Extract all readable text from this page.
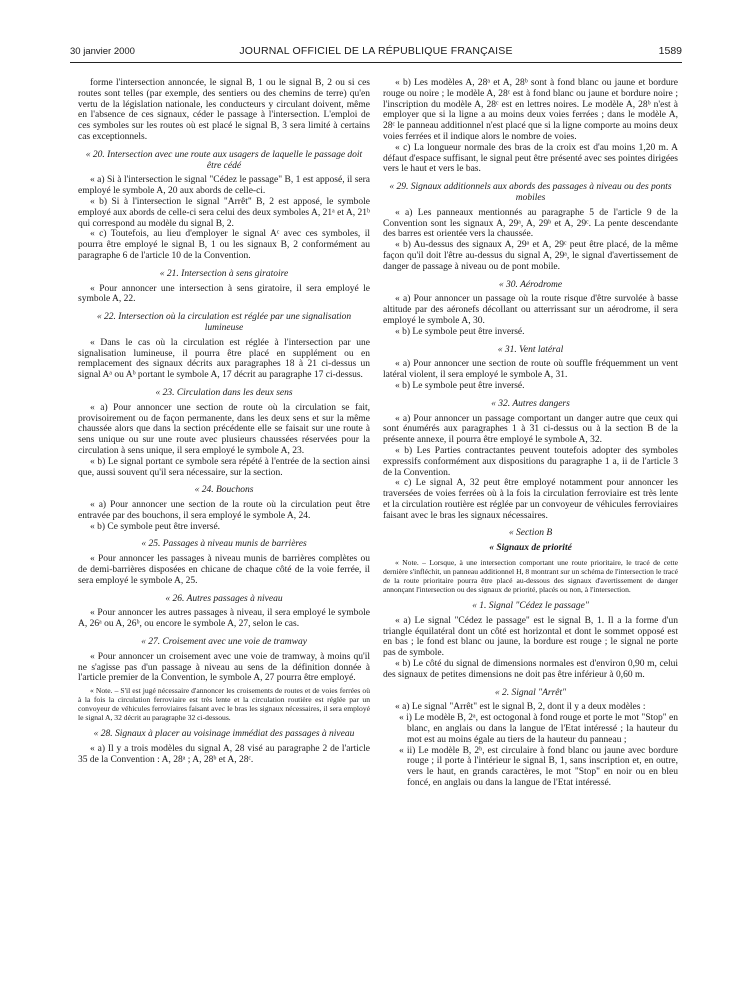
30 janvier 2000	JOURNAL OFFICIEL DE LA RÉPUBLIQUE FRANÇAISE	1589

forme l'intersection annoncée, le signal B, 1 ou le signal B, 2 ou si ces routes sont telles (par exemple, des sentiers ou des chemins de terre) qu'en vertu de la législation nationale, les conducteurs y circulant doivent, même en l'absence de ces signaux, céder le passage à l'intersection. L'emploi de ces symboles sur les routes où est placé le signal B, 3 sera limité à certains cas exceptionnels.

« 20. Intersection avec une route aux usagers de laquelle le passage doit être cédé

« a) Si à l'intersection le signal "Cédez le passage" B, 1 est apposé, il sera employé le symbole A, 20 aux abords de celle-ci.

« b) Si à l'intersection le signal "Arrêt" B, 2 est apposé, le symbole employé aux abords de celle-ci sera celui des deux symboles A, 21ᵃ et A, 21ᵇ qui correspond au modèle du signal B, 2.

« c) Toutefois, au lieu d'employer le signal Aᶜ avec ces symboles, il pourra être employé le signal B, 1 ou les signaux B, 2 conformément au paragraphe 6 de l'article 10 de la Convention.

« 21. Intersection à sens giratoire

« Pour annoncer une intersection à sens giratoire, il sera employé le symbole A, 22.

« 22. Intersection où la circulation est réglée par une signalisation lumineuse

« Dans le cas où la circulation est réglée à l'intersection par une signalisation lumineuse, il pourra être placé en supplément ou en remplacement des signaux décrits aux paragraphes 18 à 21 ci-dessus un signal Aᵃ ou Aᵇ portant le symbole A, 17 décrit au paragraphe 17 ci-dessus.

« 23. Circulation dans les deux sens

« a) Pour annoncer une section de route où la circulation se fait, provisoirement ou de façon permanente, dans les deux sens et sur la même chaussée alors que dans la section précédente elle se faisait sur une route à sens unique ou sur une route avec plusieurs chaussées réservées pour la circulation à sens unique, il sera employé le symbole A, 23.

« b) Le signal portant ce symbole sera répété à l'entrée de la section ainsi que, aussi souvent qu'il sera nécessaire, sur la section.

« 24. Bouchons

« a) Pour annoncer une section de la route où la circulation peut être entravée par des bouchons, il sera employé le symbole A, 24.

« b) Ce symbole peut être inversé.

« 25. Passages à niveau munis de barrières

« Pour annoncer les passages à niveau munis de barrières complètes ou de demi-barrières disposées en chicane de chaque côté de la voie ferrée, il sera employé le symbole A, 25.

« 26. Autres passages à niveau

« Pour annoncer les autres passages à niveau, il sera employé le symbole A, 26ᵃ ou A, 26ᵇ, ou encore le symbole A, 27, selon le cas.

« 27. Croisement avec une voie de tramway

« Pour annoncer un croisement avec une voie de tramway, à moins qu'il ne s'agisse pas d'un passage à niveau au sens de la définition donnée à l'article premier de la Convention, le symbole A, 27 pourra être employé.

« Note. – S'il est jugé nécessaire d'annoncer les croisements de routes et de voies ferrées où à la fois la circulation ferroviaire est très lente et la circulation routière est réglée par un convoyeur de véhicules ferroviaires faisant avec le bras les signaux nécessaires, il sera employé le signal A, 32 décrit au paragraphe 32 ci-dessous.

« 28. Signaux à placer au voisinage immédiat des passages à niveau

« a) Il y a trois modèles du signal A, 28 visé au paragraphe 2 de l'article 35 de la Convention : A, 28ᵃ ; A, 28ᵇ et A, 28ᶜ.

« b) Les modèles A, 28ᵃ et A, 28ᵇ sont à fond blanc ou jaune et bordure rouge ou noire ; le modèle A, 28ᶜ est à fond blanc ou jaune et bordure noire ; l'inscription du modèle A, 28ᶜ est en lettres noires. Le modèle A, 28ᵇ n'est à employer que si la ligne a au moins deux voies ferrées ; dans le modèle A, 28ᶜ le panneau additionnel n'est placé que si la ligne comporte au moins deux voies ferrées et il indique alors le nombre de voies.

« c) La longueur normale des bras de la croix est d'au moins 1,20 m. A défaut d'espace suffisant, le signal peut être présenté avec ses pointes dirigées vers le haut et vers le bas.

« 29. Signaux additionnels aux abords des passages à niveau ou des ponts mobiles

« a) Les panneaux mentionnés au paragraphe 5 de l'article 9 de la Convention sont les signaux A, 29ᵃ, A, 29ᵇ et A, 29ᶜ. La pente descendante des barres est orientée vers la chaussée.

« b) Au-dessus des signaux A, 29ᵃ et A, 29ᶜ peut être placé, de la même façon qu'il doit l'être au-dessus du signal A, 29ᵃ, le signal d'avertissement de danger de passage à niveau ou de pont mobile.

« 30. Aérodrome

« a) Pour annoncer un passage où la route risque d'être survolée à basse altitude par des aéronefs décollant ou atterrissant sur un aérodrome, il sera employé le symbole A, 30.

« b) Le symbole peut être inversé.

« 31. Vent latéral

« a) Pour annoncer une section de route où souffle fréquemment un vent latéral violent, il sera employé le symbole A, 31.

« b) Le symbole peut être inversé.

« 32. Autres dangers

« a) Pour annoncer un passage comportant un danger autre que ceux qui sont énumérés aux paragraphes 1 à 31 ci-dessus ou à la section B de la présente annexe, il pourra être employé le symbole A, 32.

« b) Les Parties contractantes peuvent toutefois adopter des symboles expressifs conformément aux dispositions du paragraphe 1 a, ii de l'article 3 de la Convention.

« c) Le signal A, 32 peut être employé notamment pour annoncer les traversées de voies ferrées où à la fois la circulation ferroviaire est très lente et la circulation routière est réglée par un convoyeur de véhicules ferroviaires faisant avec le bras les signaux nécessaires.

« Section B

« Signaux de priorité

« Note. – Lorsque, à une intersection comportant une route prioritaire, le tracé de cette dernière s'infléchit, un panneau additionnel H, 8 montrant sur un schéma de l'intersection le tracé de la route prioritaire pourra être placé au-dessous des signaux d'avertissement de danger annonçant l'intersection ou des signaux de priorité, placés ou non, à l'intersection.

« 1. Signal "Cédez le passage"

« a) Le signal "Cédez le passage" est le signal B, 1. Il a la forme d'un triangle équilatéral dont un côté est horizontal et dont le sommet opposé est en bas ; le fond est blanc ou jaune, la bordure est rouge ; le signal ne porte pas de symbole.

« b) Le côté du signal de dimensions normales est d'environ 0,90 m, celui des signaux de petites dimensions ne doit pas être inférieur à 0,60 m.

« 2. Signal "Arrêt"

« a) Le signal "Arrêt" est le signal B, 2, dont il y a deux modèles :

« i) Le modèle B, 2ᵃ, est octogonal à fond rouge et porte le mot "Stop" en blanc, en anglais ou dans la langue de l'Etat intéressé ; la hauteur du mot est au moins égale au tiers de la hauteur du panneau ;

« ii) Le modèle B, 2ᵇ, est circulaire à fond blanc ou jaune avec bordure rouge ; il porte à l'intérieur le signal B, 1, sans inscription et, en outre, vers le haut, en grands caractères, le mot "Stop" en noir ou en bleu foncé, en anglais ou dans la langue de l'Etat intéressé.
